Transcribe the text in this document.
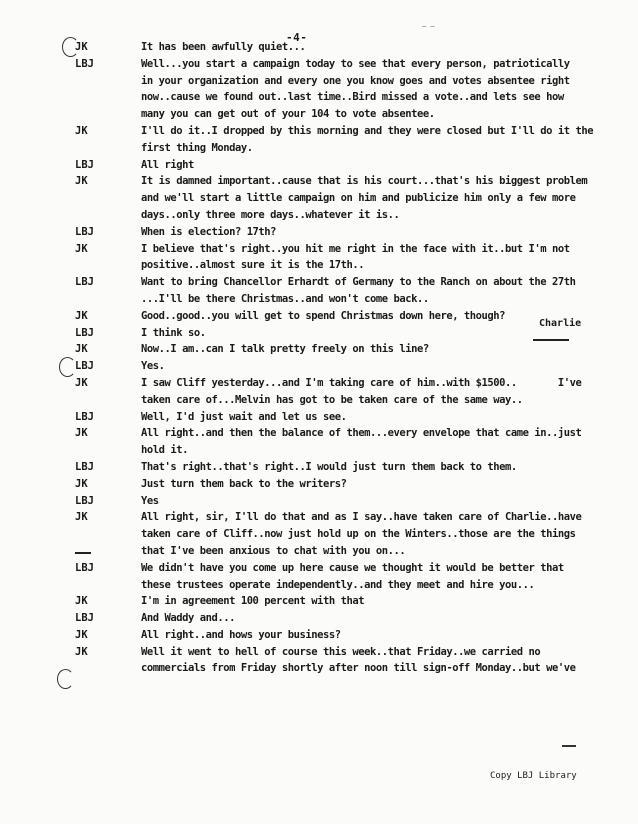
— —
-4-
JK	It has been awfully quiet...
LBJ	Well...you start a campaign today to see that every person, patriotically
in your organization and every one you know goes and votes absentee right
now..cause we found out..last time..Bird missed a vote..and lets see how
many you can get out of your 104 to vote absentee.
JK	I'll do it..I dropped by this morning and they were closed but I'll do it the
first thing Monday.
LBJ	All right
JK	It is damned important..cause that is his court...that's his biggest problem
and we'll start a little campaign on him and publicize him only a few more
days..only three more days..whatever it is..
LBJ	When is election? 17th?
JK	I believe that's right..you hit me right in the face with it..but I'm not
positive..almost sure it is the 17th..
LBJ	Want to bring Chancellor Erhardt of Germany to the Ranch on about the 27th
...I'll be there Christmas..and won't come back..
JK	Good..good..you will get to spend Christmas down here, though?
LBJ	I think so.
JK	Now..I am..can I talk pretty freely on this line?
LBJ	Yes.
JK	I saw Cliff yesterday...and I'm taking care of him..with $1500..       I've
taken care of...Melvin has got to be taken care of the same way..
LBJ	Well, I'd just wait and let us see.
JK	All right..and then the balance of them...every envelope that came in..just
hold it.
LBJ	That's right..that's right..I would just turn them back to them.
JK	Just turn them back to the writers?
LBJ	Yes
JK	All right, sir, I'll do that and as I say..have taken care of Charlie..have
taken care of Cliff..now just hold up on the Winters..those are the things
that I've been anxious to chat with you on...
LBJ	We didn't have you come up here cause we thought it would be better that
these trustees operate independently..and they meet and hire you...
JK	I'm in agreement 100 percent with that
LBJ	And Waddy and...
JK	All right..and hows your business?
JK	Well it went to hell of course this week..that Friday..we carried no
commercials from Friday shortly after noon till sign-off Monday..but we've
Charlie
Copy LBJ Library
